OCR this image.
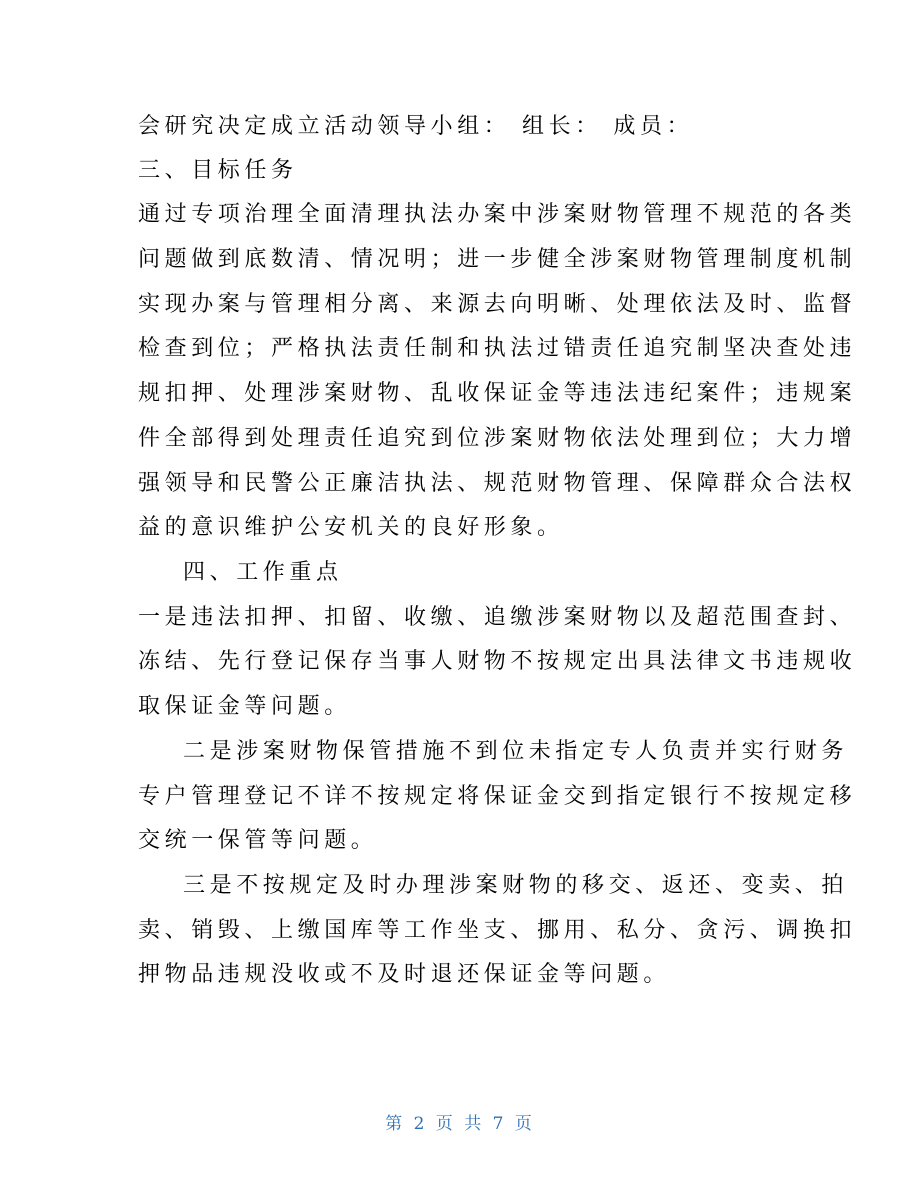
会研究决定成立活动领导小组： 组长： 成员：
三、目标任务
通过专项治理全面清理执法办案中涉案财物管理不规范的各类
问题做到底数清、情况明；进一步健全涉案财物管理制度机制
实现办案与管理相分离、来源去向明晰、处理依法及时、监督
检查到位；严格执法责任制和执法过错责任追究制坚决查处违
规扣押、处理涉案财物、乱收保证金等违法违纪案件；违规案
件全部得到处理责任追究到位涉案财物依法处理到位；大力增
强领导和民警公正廉洁执法、规范财物管理、保障群众合法权
益的意识维护公安机关的良好形象。
四、工作重点
一是违法扣押、扣留、收缴、追缴涉案财物以及超范围查封、
冻结、先行登记保存当事人财物不按规定出具法律文书违规收
取保证金等问题。
二是涉案财物保管措施不到位未指定专人负责并实行财务
专户管理登记不详不按规定将保证金交到指定银行不按规定移
交统一保管等问题。
三是不按规定及时办理涉案财物的移交、返还、变卖、拍
卖、销毁、上缴国库等工作坐支、挪用、私分、贪污、调换扣
押物品违规没收或不及时退还保证金等问题。
第 2 页 共 7 页
